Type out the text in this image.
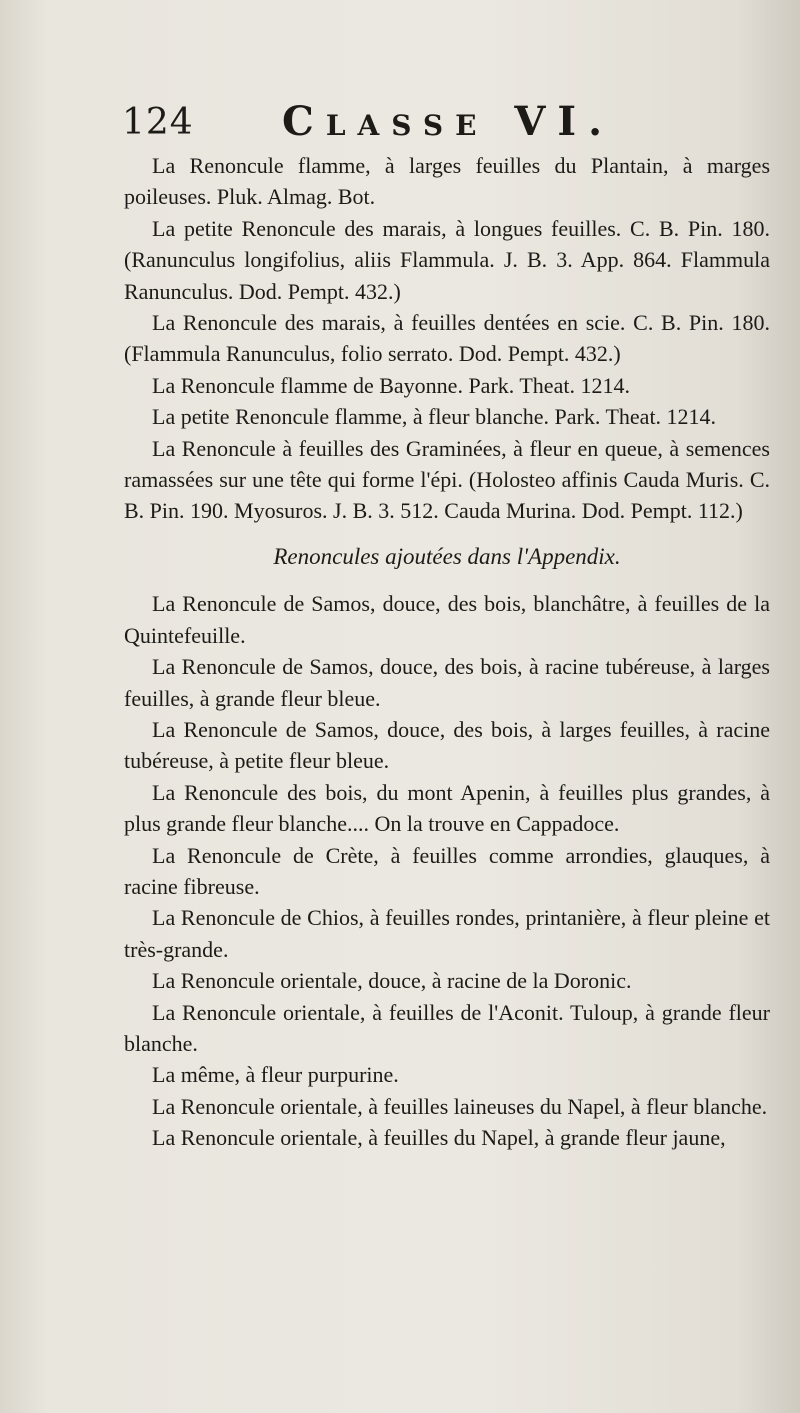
124 Classe VI.

La Renoncule flamme, à larges feuilles du Plantain, à marges poileuses. Pluk. Almag. Bot.

La petite Renoncule des marais, à longues feuilles. C. B. Pin. 180. (Ranunculus longifolius, aliis Flammula. J. B. 3. App. 864. Flammula Ranunculus. Dod. Pempt. 432.)

La Renoncule des marais, à feuilles dentées en scie. C. B. Pin. 180. (Flammula Ranunculus, folio serrato. Dod. Pempt. 432.)

La Renoncule flamme de Bayonne. Park. Theat. 1214.

La petite Renoncule flamme, à fleur blanche. Park. Theat. 1214.

La Renoncule à feuilles des Graminées, à fleur en queue, à semences ramassées sur une tête qui forme l'épi. (Holosteo affinis Cauda Muris. C. B. Pin. 190. Myosuros. J. B. 3. 512. Cauda Murina. Dod. Pempt. 112.)

Renoncules ajoutées dans l'Appendix.

La Renoncule de Samos, douce, des bois, blanchâtre, à feuilles de la Quintefeuille.

La Renoncule de Samos, douce, des bois, à racine tubéreuse, à larges feuilles, à grande fleur bleue.

La Renoncule de Samos, douce, des bois, à larges feuilles, à racine tubéreuse, à petite fleur bleue.

La Renoncule des bois, du mont Apenin, à feuilles plus grandes, à plus grande fleur blanche.... On la trouve en Cappadoce.

La Renoncule de Crète, à feuilles comme arrondies, glauques, à racine fibreuse.

La Renoncule de Chios, à feuilles rondes, printanière, à fleur pleine et très-grande.

La Renoncule orientale, douce, à racine de la Doronic.

La Renoncule orientale, à feuilles de l'Aconit. Tuloup, à grande fleur blanche.

La même, à fleur purpurine.

La Renoncule orientale, à feuilles laineuses du Napel, à fleur blanche.

La Renoncule orientale, à feuilles du Napel, à grande fleur jaune,
